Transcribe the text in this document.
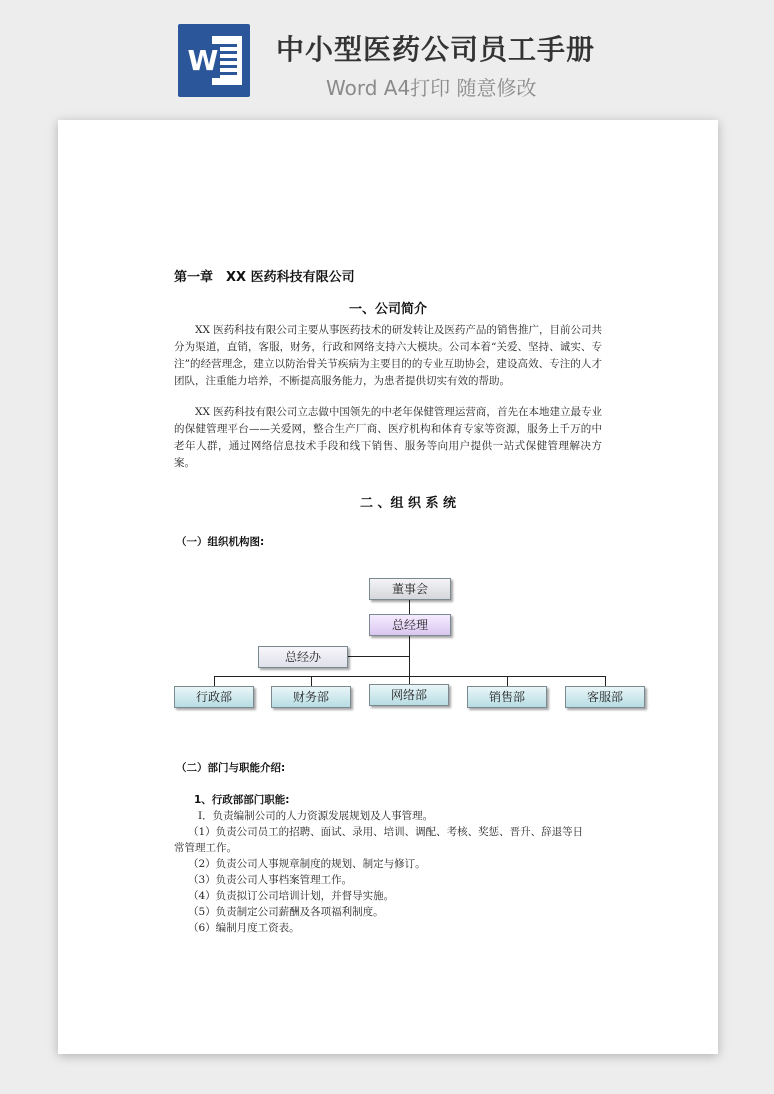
W 中小型医药公司员工手册
Word A4打印 随意修改

第一章　XX 医药科技有限公司
一、公司简介

XX 医药科技有限公司主要从事医药技术的研发转让及医药产品的销售推广，目前公司共分为渠道，直销，客服，财务，行政和网络支持六大模块。公司本着“关爱、坚持、诚实、专注”的经营理念，建立以防治骨关节疾病为主要目的的专业互助协会，建设高效、专注的人才团队，注重能力培养，不断提高服务能力，为患者提供切实有效的帮助。

XX 医药科技有限公司立志做中国领先的中老年保健管理运营商，首先在本地建立最专业的保健管理平台——关爱网，整合生产厂商、医疗机构和体育专家等资源，服务上千万的中老年人群，通过网络信息技术手段和线下销售、服务等向用户提供一站式保健管理解决方案。

二 、组 织 系 统
（一）组织机构图:
董事会
总经理
总经办
行政部	财务部	网络部	销售部	客服部
（二）部门与职能介绍:
1、行政部部门职能:
I．负责编制公司的人力资源发展规划及人事管理。
（1）负责公司员工的招聘、面试、录用、培训、调配、考核、奖惩、晋升、辞退等日
常管理工作。
（2）负责公司人事规章制度的规划、制定与修订。
（3）负责公司人事档案管理工作。
（4）负责拟订公司培训计划，并督导实施。
（5）负责制定公司薪酬及各项福利制度。
（6）编制月度工资表。
